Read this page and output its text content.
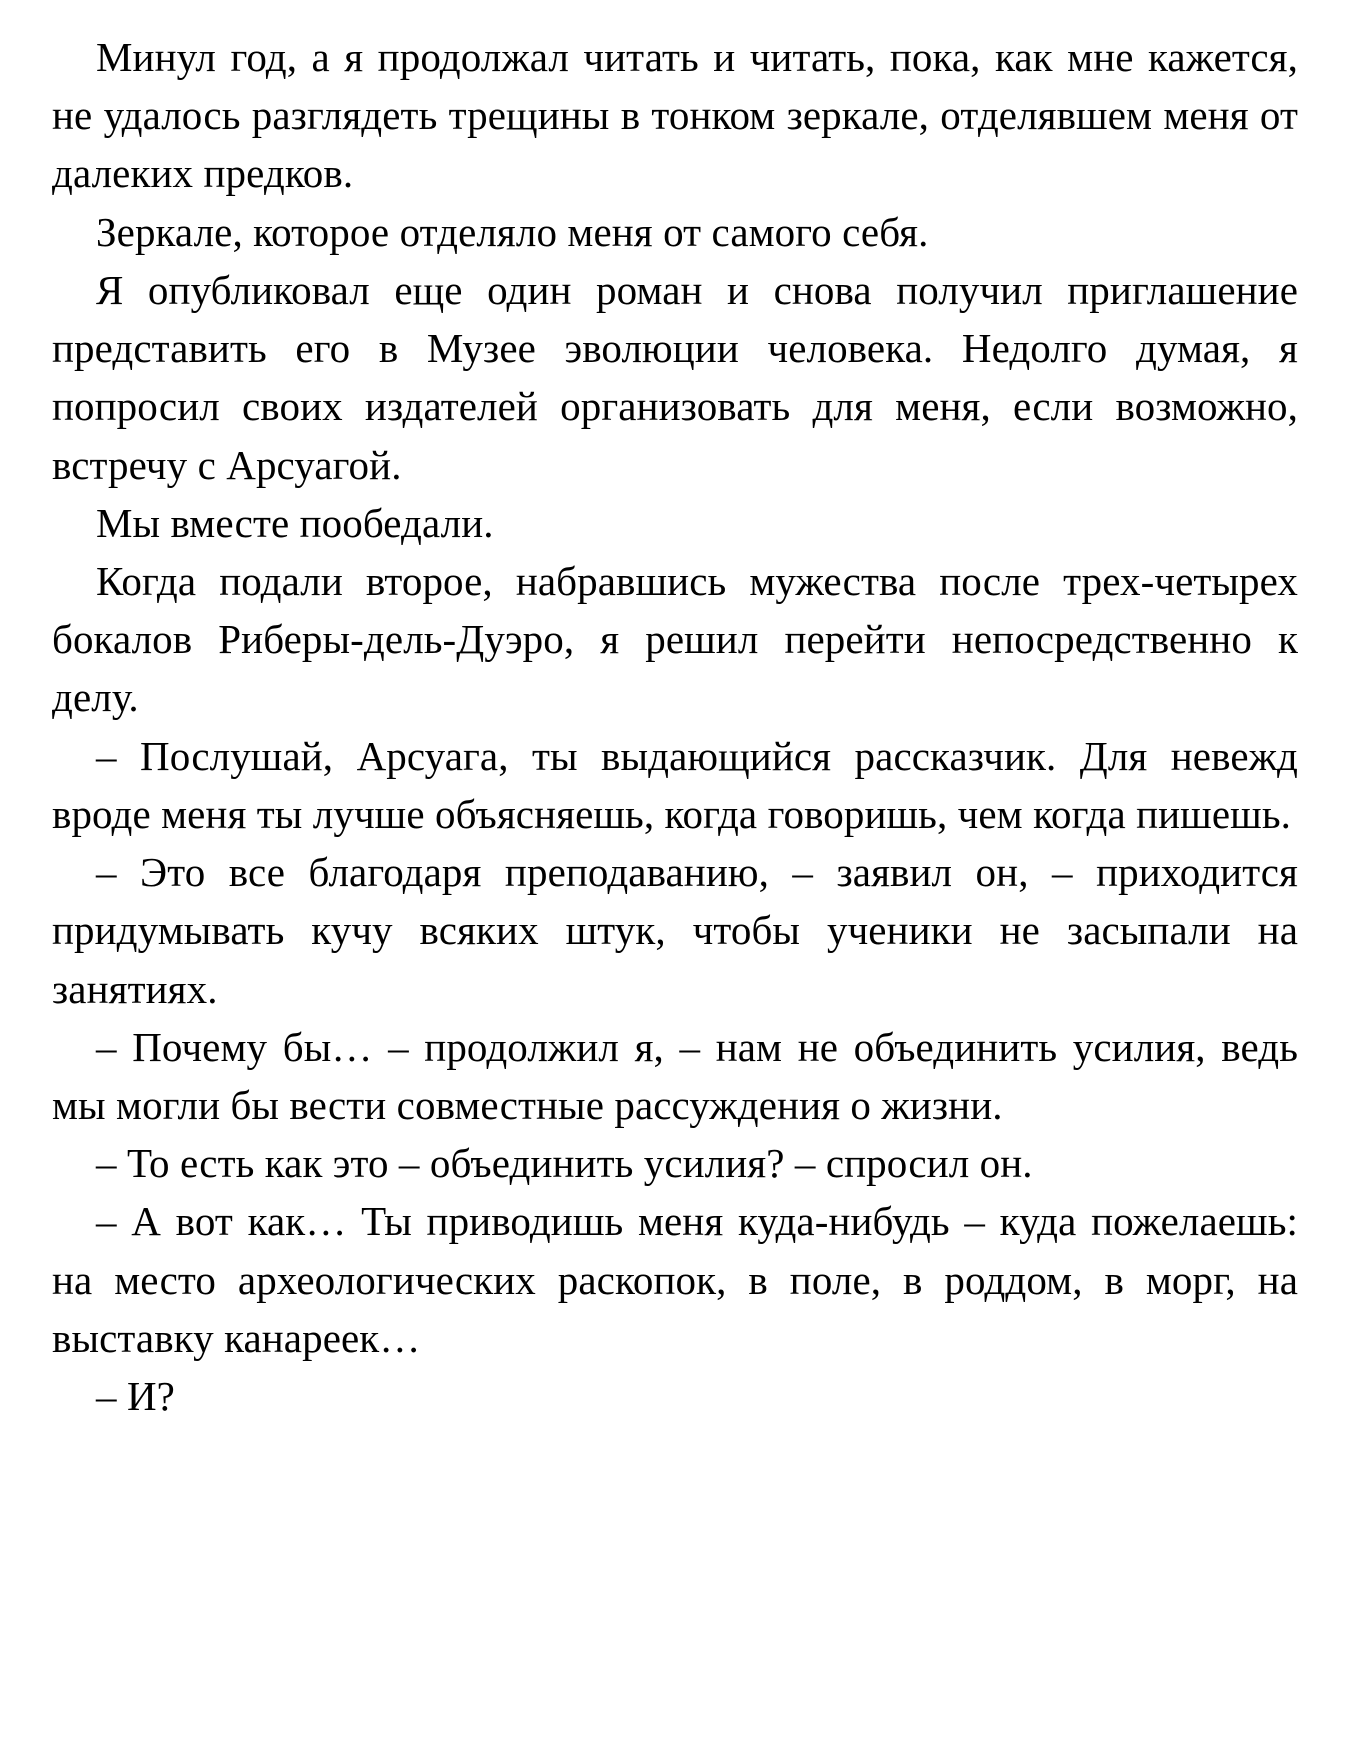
Минул год, а я продолжал читать и читать, пока, как мне кажется, не удалось разглядеть трещины в тонком зеркале, отделявшем меня от далеких предков.

Зеркале, которое отделяло меня от самого себя.

Я опубликовал еще один роман и снова получил приглашение представить его в Музее эволюции человека. Недолго думая, я попросил своих издателей организовать для меня, если возможно, встречу с Арсуагой.

Мы вместе пообедали.

Когда подали второе, набравшись мужества после трех-четырех бокалов Риберы-дель-Дуэро, я решил перейти непосредственно к делу.

– Послушай, Арсуага, ты выдающийся рассказчик. Для невежд вроде меня ты лучше объясняешь, когда говоришь, чем когда пишешь.

– Это все благодаря преподаванию, – заявил он, – приходится придумывать кучу всяких штук, чтобы ученики не засыпали на занятиях.

– Почему бы… – продолжил я, – нам не объединить усилия, ведь мы могли бы вести совместные рассуждения о жизни.

– То есть как это – объединить усилия? – спросил он.

– А вот как… Ты приводишь меня куда-нибудь – куда пожелаешь: на место археологических раскопок, в поле, в роддом, в морг, на выставку канареек…

– И?
